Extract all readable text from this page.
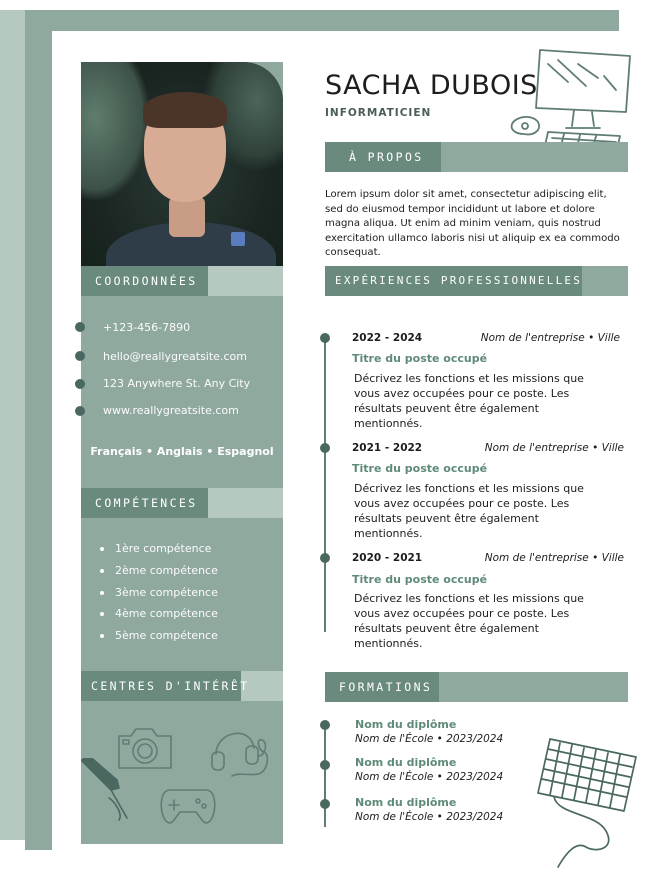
COORDONNÉES
+123-456-7890
hello@reallygreatsite.com
123 Anywhere St. Any City
www.reallygreatsite.com
Français • Anglais • Espagnol
COMPÉTENCES
1ère compétence
2ème compétence
3ème compétence
4ème compétence
5ème compétence
CENTRES D'INTÉRÊT
SACHA DUBOIS
INFORMATICIEN
À PROPOS
Lorem ipsum dolor sit amet, consectetur adipiscing elit, sed do eiusmod tempor incididunt ut labore et dolore magna aliqua. Ut enim ad minim veniam, quis nostrud exercitation ullamco laboris nisi ut aliquip ex ea commodo consequat.
EXPÉRIENCES PROFESSIONNELLES
2022 - 2024	Nom de l'entreprise • Ville
Titre du poste occupé
Décrivez les fonctions et les missions que vous avez occupées pour ce poste. Les résultats peuvent être également mentionnés.
2021 - 2022	Nom de l'entreprise • Ville
Titre du poste occupé
Décrivez les fonctions et les missions que vous avez occupées pour ce poste. Les résultats peuvent être également mentionnés.
2020 - 2021	Nom de l'entreprise • Ville
Titre du poste occupé
Décrivez les fonctions et les missions que vous avez occupées pour ce poste. Les résultats peuvent être également mentionnés.
FORMATIONS
Nom du diplôme
Nom de l'École • 2023/2024
Nom du diplôme
Nom de l'École • 2023/2024
Nom du diplôme
Nom de l'École • 2023/2024
